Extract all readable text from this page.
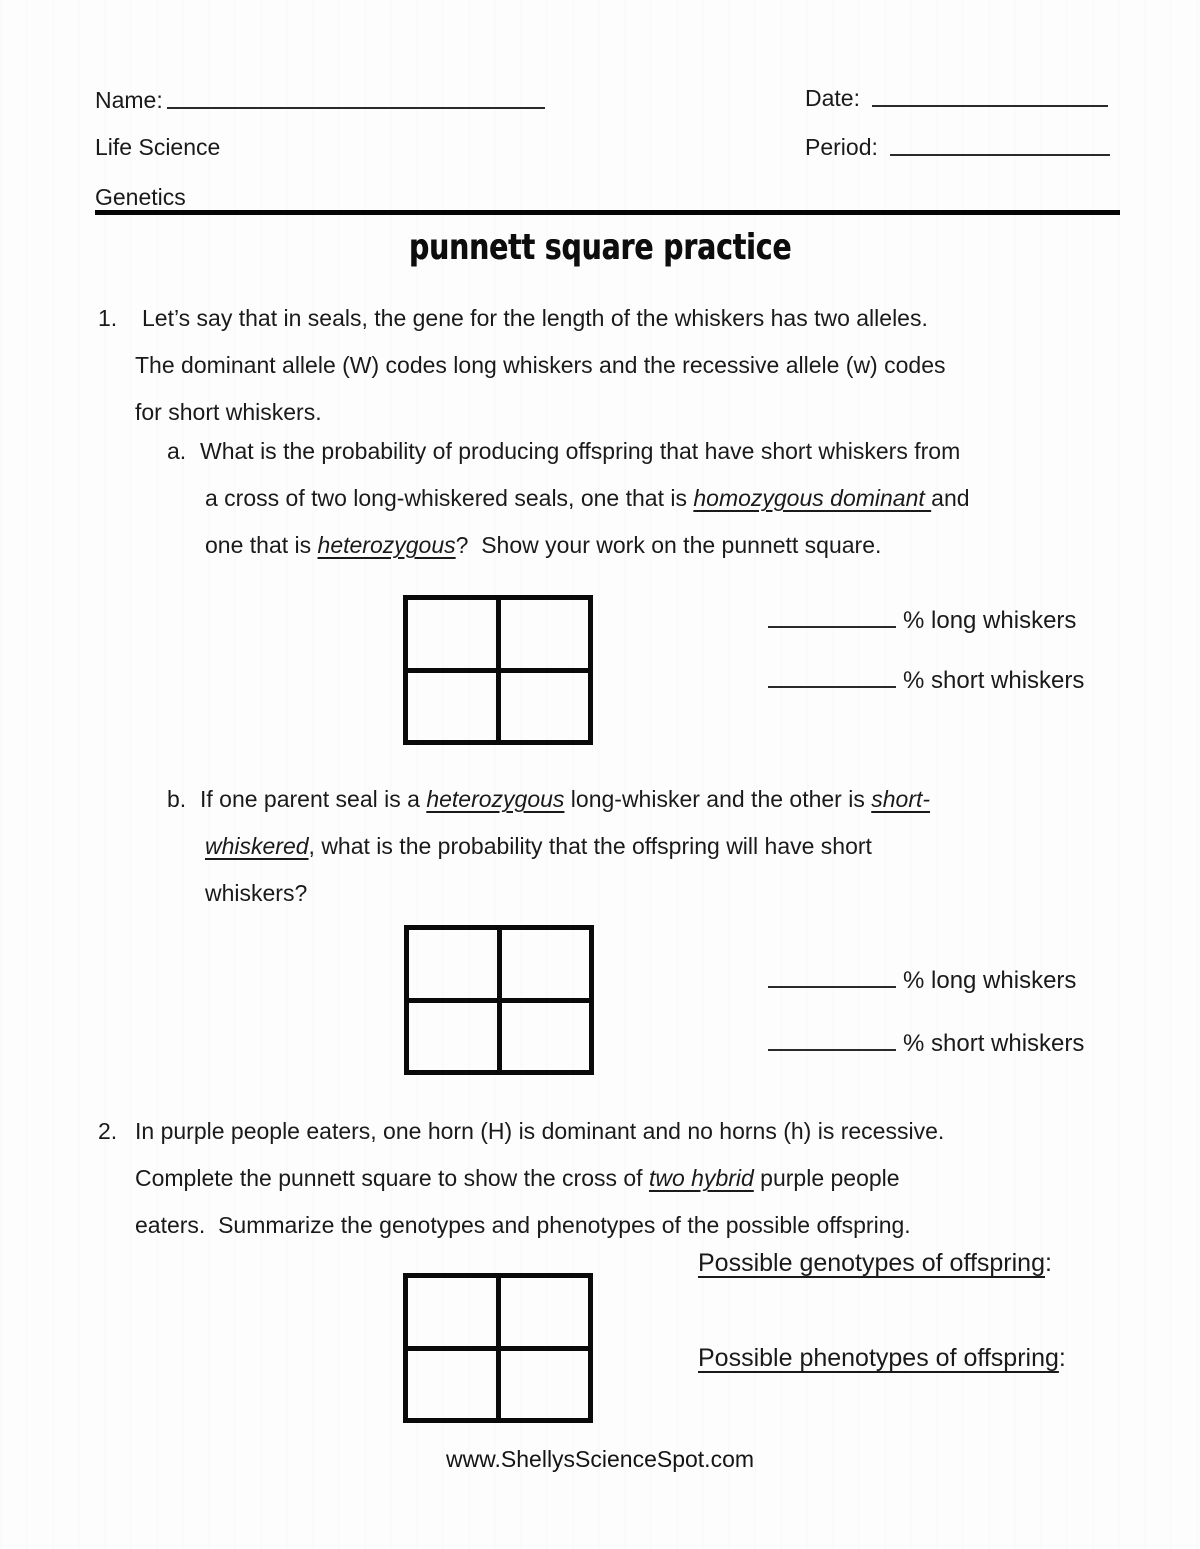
Name:	Date:
Life Science	Period:
Genetics
punnett square practice
1. Let’s say that in seals, the gene for the length of the whiskers has two alleles.
The dominant allele (W) codes long whiskers and the recessive allele (w) codes
for short whiskers.
a. What is the probability of producing offspring that have short whiskers from
a cross of two long-whiskered seals, one that is homozygous dominant and
one that is heterozygous?  Show your work on the punnett square.
% long whiskers
% short whiskers
b. If one parent seal is a heterozygous long-whisker and the other is short-
whiskered, what is the probability that the offspring will have short
whiskers?
% long whiskers
% short whiskers
2. In purple people eaters, one horn (H) is dominant and no horns (h) is recessive.
Complete the punnett square to show the cross of two hybrid purple people
eaters.  Summarize the genotypes and phenotypes of the possible offspring.
Possible genotypes of offspring:
Possible phenotypes of offspring:
www.ShellysScienceSpot.com
